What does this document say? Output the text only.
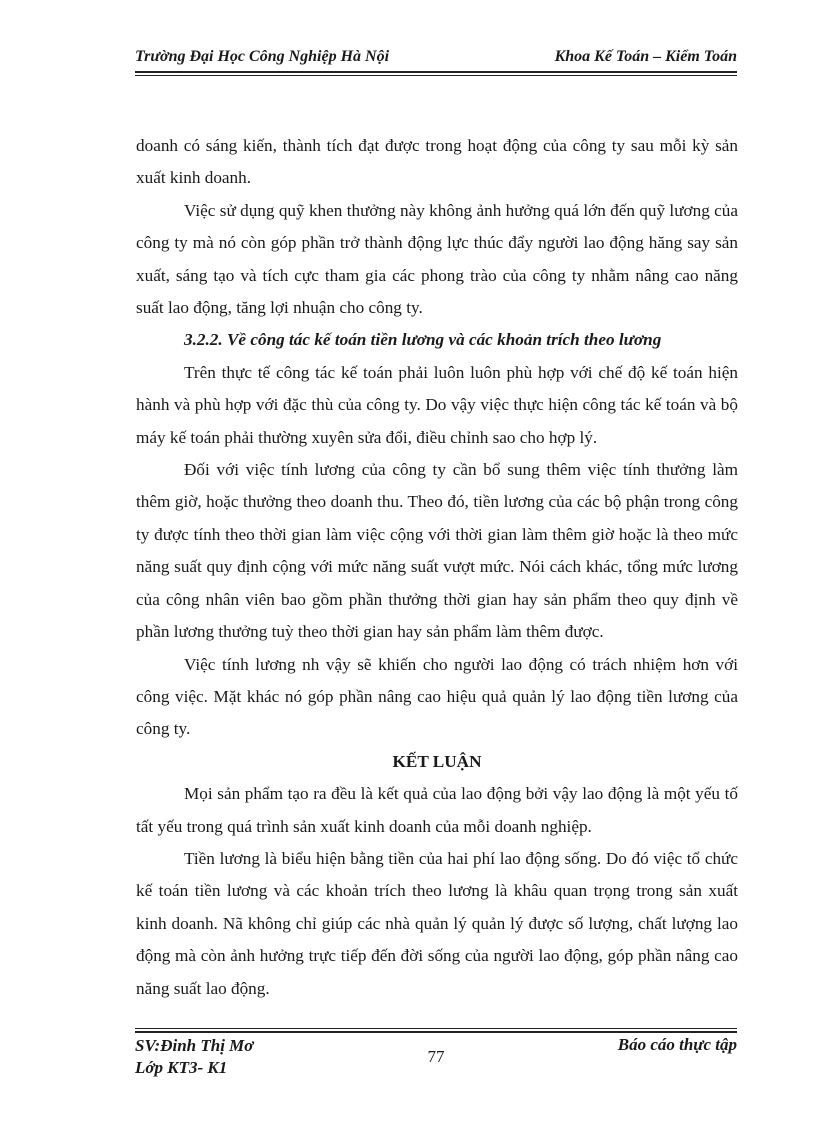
Trường Đại Học Công Nghiệp Hà Nội	Khoa Kế Toán – Kiểm Toán

doanh có sáng kiến, thành tích đạt được trong hoạt động của công ty sau mỗi kỳ sản xuất kinh doanh.

Việc sử dụng quỹ khen thưởng này không ảnh hưởng quá lớn đến quỹ lương của công ty mà nó còn góp phần trở thành động lực thúc đẩy người lao động hăng say sản xuất, sáng tạo và tích cực tham gia các phong trào của công ty nhằm nâng cao năng suất lao động, tăng lợi nhuận cho công ty.

3.2.2. Về công tác kế toán tiền lương và các khoản trích theo lương

Trên thực tế công tác kế toán phải luôn luôn phù hợp với chế độ kế toán hiện hành và phù hợp với đặc thù của công ty. Do vậy việc thực hiện công tác kế toán và bộ máy kế toán phải thường xuyên sửa đổi, điều chỉnh sao cho hợp lý.

Đối với việc tính lương của công ty cần bổ sung thêm việc tính thưởng làm thêm giờ, hoặc thưởng theo doanh thu. Theo đó, tiền lương của các bộ phận trong công ty được tính theo thời gian làm việc cộng với thời gian làm thêm giờ hoặc là theo mức năng suất quy định cộng với mức năng suất vượt mức. Nói cách khác, tổng mức lương của công nhân viên bao gồm phần thưởng thời gian hay sản phẩm theo quy định về phần lương thưởng tuỳ theo thời gian hay sản phẩm làm thêm được.

Việc tính lương nh vậy sẽ khiến cho người lao động có trách nhiệm hơn với công việc. Mặt khác nó góp phần nâng cao hiệu quả quản lý lao động tiền lương của công ty.

KẾT LUẬN

Mọi sản phẩm tạo ra đều là kết quả của lao động bởi vậy lao động là một yếu tố tất yếu trong quá trình sản xuất kinh doanh của mỗi doanh nghiệp.

Tiền lương là biểu hiện bằng tiền của hai phí lao động sống. Do đó việc tổ chức kế toán tiền lương và các khoản trích theo lương là khâu quan trọng trong sản xuất kinh doanh. Nã không chỉ giúp các nhà quản lý quản lý được số lượng, chất lượng lao động mà còn ảnh hưởng trực tiếp đến đời sống của người lao động, góp phần nâng cao năng suất lao động.

SV:Đinh Thị Mơ
Lớp KT3- K1
77
Báo cáo thực tập
